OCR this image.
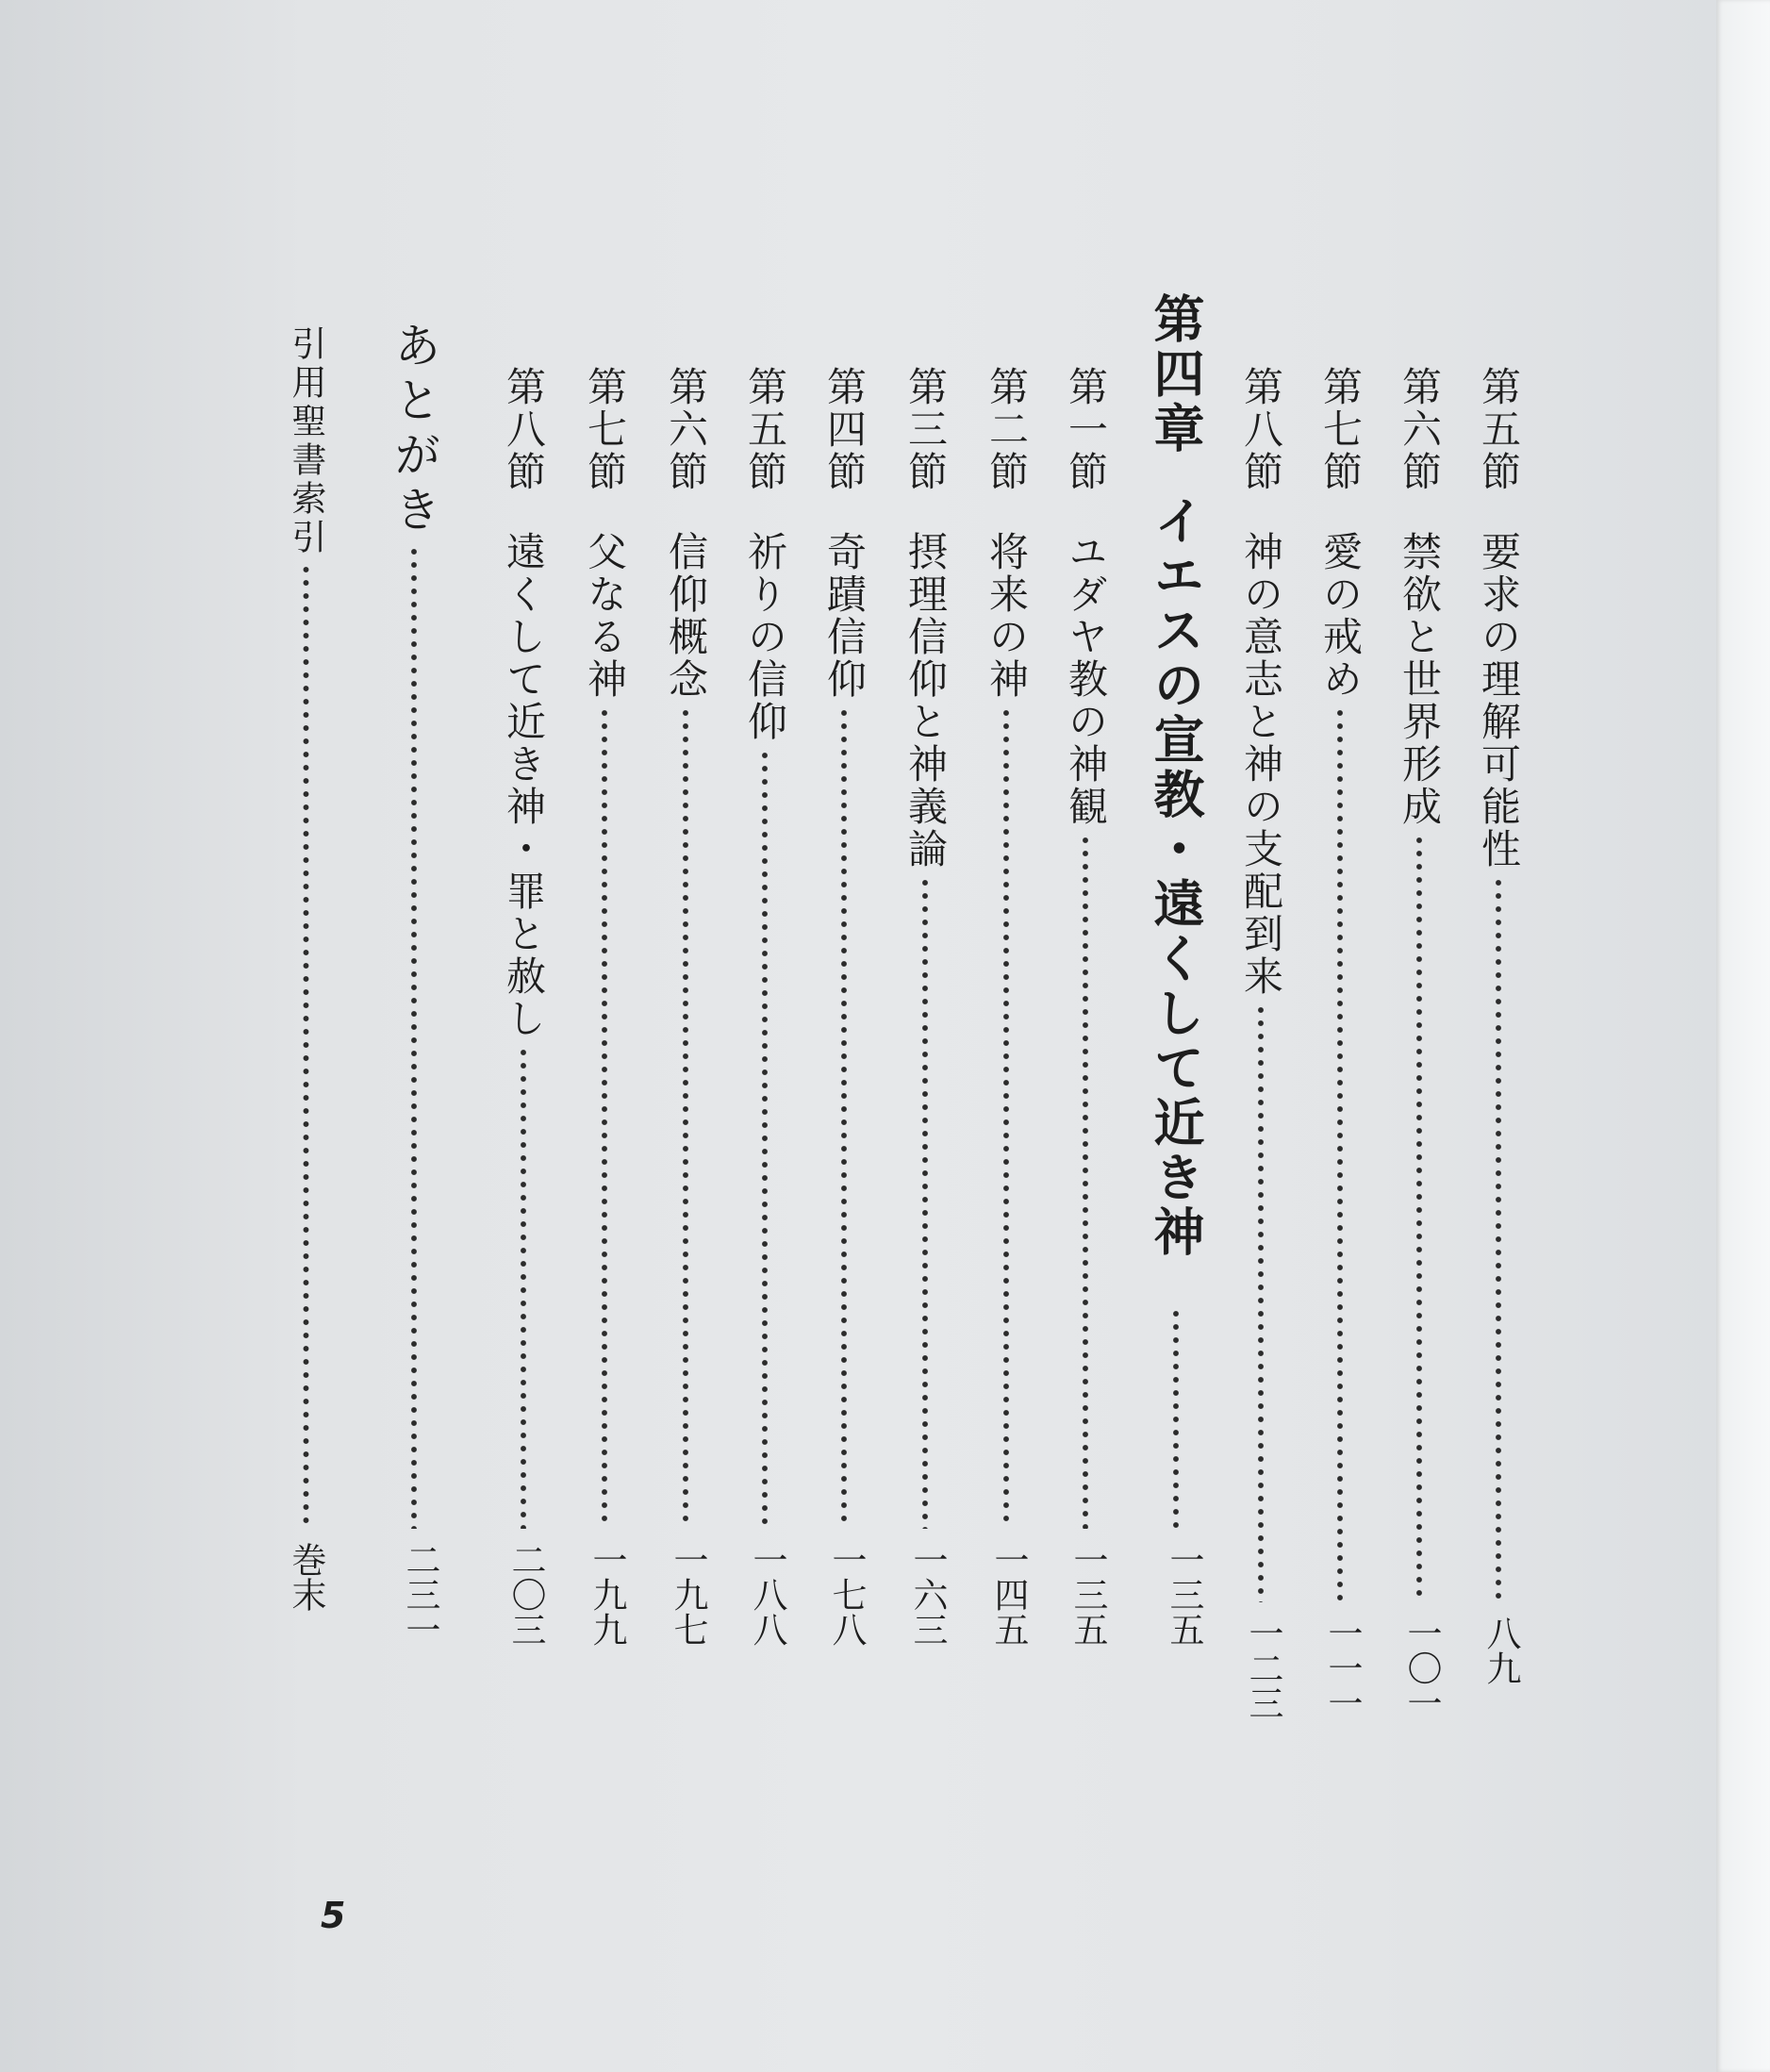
第五節要求の理解可能性
八九
第六節禁欲と世界形成
一〇一
第七節愛の戒め
一一一
第八節神の意志と神の支配到来
一二三
第四章イエスの宣教・遠くして近き神
一三五
第一節ユダヤ教の神観
一三五
第二節将来の神
一四五
第三節摂理信仰と神義論
一六三
第四節奇蹟信仰
一七八
第五節祈りの信仰
一八八
第六節信仰概念
一九七
第七節父なる神
一九九
第八節遠くして近き神・罪と赦し
二〇三
あとがき
二三一
引用聖書索引
巻末
5
